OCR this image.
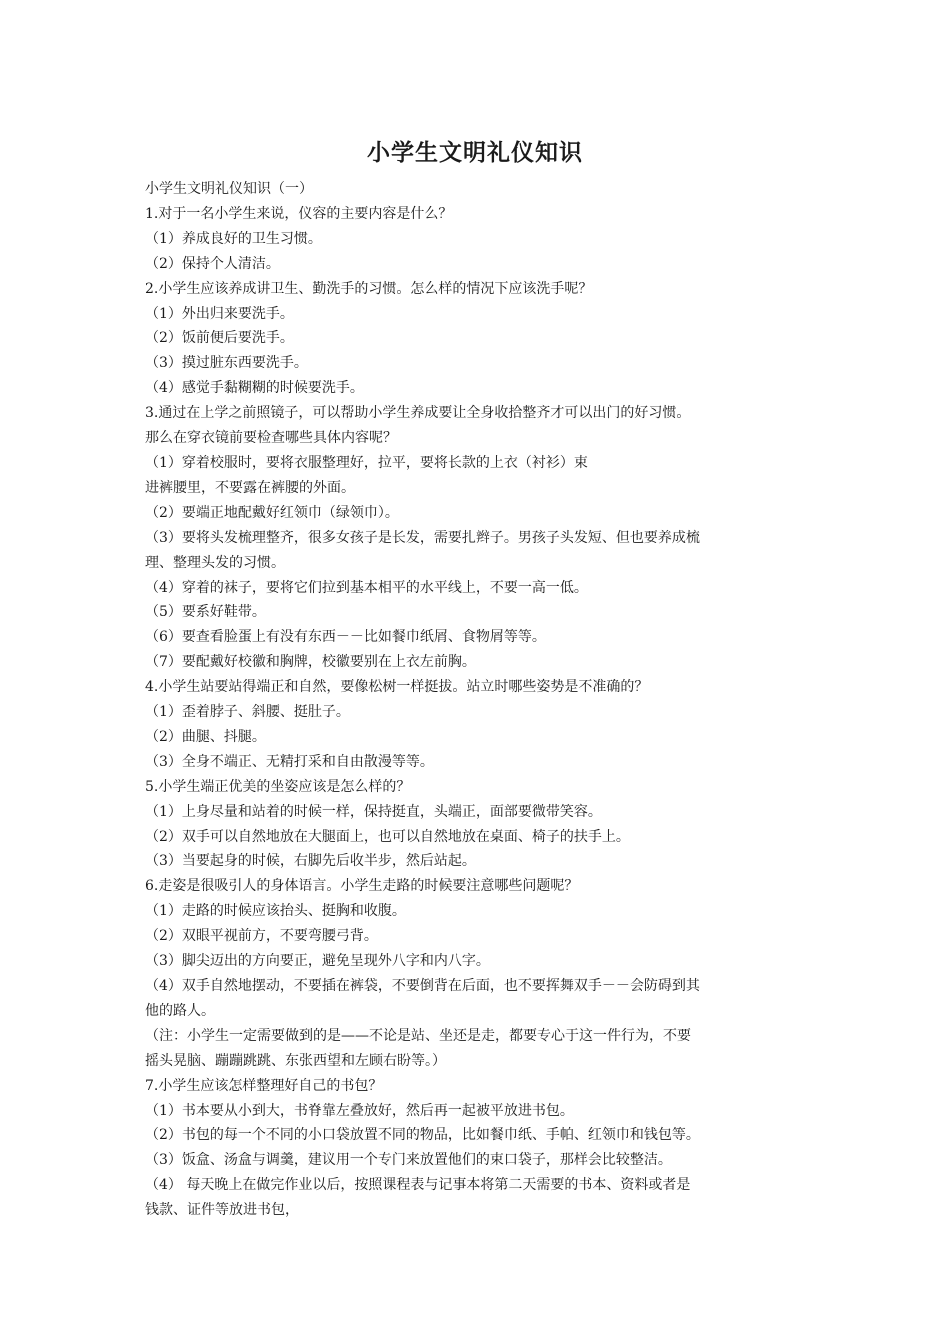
小学生文明礼仪知识

小学生文明礼仪知识（一）

1.对于一名小学生来说，仪容的主要内容是什么？

（1）养成良好的卫生习惯。

（2）保持个人清洁。

2.小学生应该养成讲卫生、勤洗手的习惯。怎么样的情况下应该洗手呢？

（1）外出归来要洗手。

（2）饭前便后要洗手。

（3）摸过脏东西要洗手。

（4）感觉手黏糊糊的时候要洗手。

3.通过在上学之前照镜子，可以帮助小学生养成要让全身收拾整齐才可以出门的好习惯。

那么在穿衣镜前要检查哪些具体内容呢？

（1）穿着校服时，要将衣服整理好，拉平，要将长款的上衣（衬衫）束

进裤腰里，不要露在裤腰的外面。

（2）要端正地配戴好红领巾（绿领巾）。

（3）要将头发梳理整齐，很多女孩子是长发，需要扎辫子。男孩子头发短、但也要养成梳

理、整理头发的习惯。

（4）穿着的袜子，要将它们拉到基本相平的水平线上，不要一高一低。

（5）要系好鞋带。

（6）要查看脸蛋上有没有东西－－比如餐巾纸屑、食物屑等等。

（7）要配戴好校徽和胸牌，校徽要别在上衣左前胸。

4.小学生站要站得端正和自然，要像松树一样挺拔。站立时哪些姿势是不准确的？

（1）歪着脖子、斜腰、挺肚子。

（2）曲腿、抖腿。

（3）全身不端正、无精打采和自由散漫等等。

5.小学生端正优美的坐姿应该是怎么样的？

（1）上身尽量和站着的时候一样，保持挺直，头端正，面部要微带笑容。

（2）双手可以自然地放在大腿面上，也可以自然地放在桌面、椅子的扶手上。

（3）当要起身的时候，右脚先后收半步，然后站起。

6.走姿是很吸引人的身体语言。小学生走路的时候要注意哪些问题呢？

（1）走路的时候应该抬头、挺胸和收腹。

（2）双眼平视前方，不要弯腰弓背。

（3）脚尖迈出的方向要正，避免呈现外八字和内八字。

（4）双手自然地摆动，不要插在裤袋，不要倒背在后面，也不要挥舞双手－－会防碍到其

他的路人。

（注：小学生一定需要做到的是——不论是站、坐还是走，都要专心于这一件行为，不要

摇头晃脑、蹦蹦跳跳、东张西望和左顾右盼等。）

7.小学生应该怎样整理好自己的书包？

（1）书本要从小到大，书脊靠左叠放好，然后再一起被平放进书包。

（2）书包的每一个不同的小口袋放置不同的物品，比如餐巾纸、手帕、红领巾和钱包等。

（3）饭盒、汤盒与调羹，建议用一个专门来放置他们的束口袋子，那样会比较整洁。

（4） 每天晚上在做完作业以后，按照课程表与记事本将第二天需要的书本、资料或者是

钱款、证件等放进书包，
